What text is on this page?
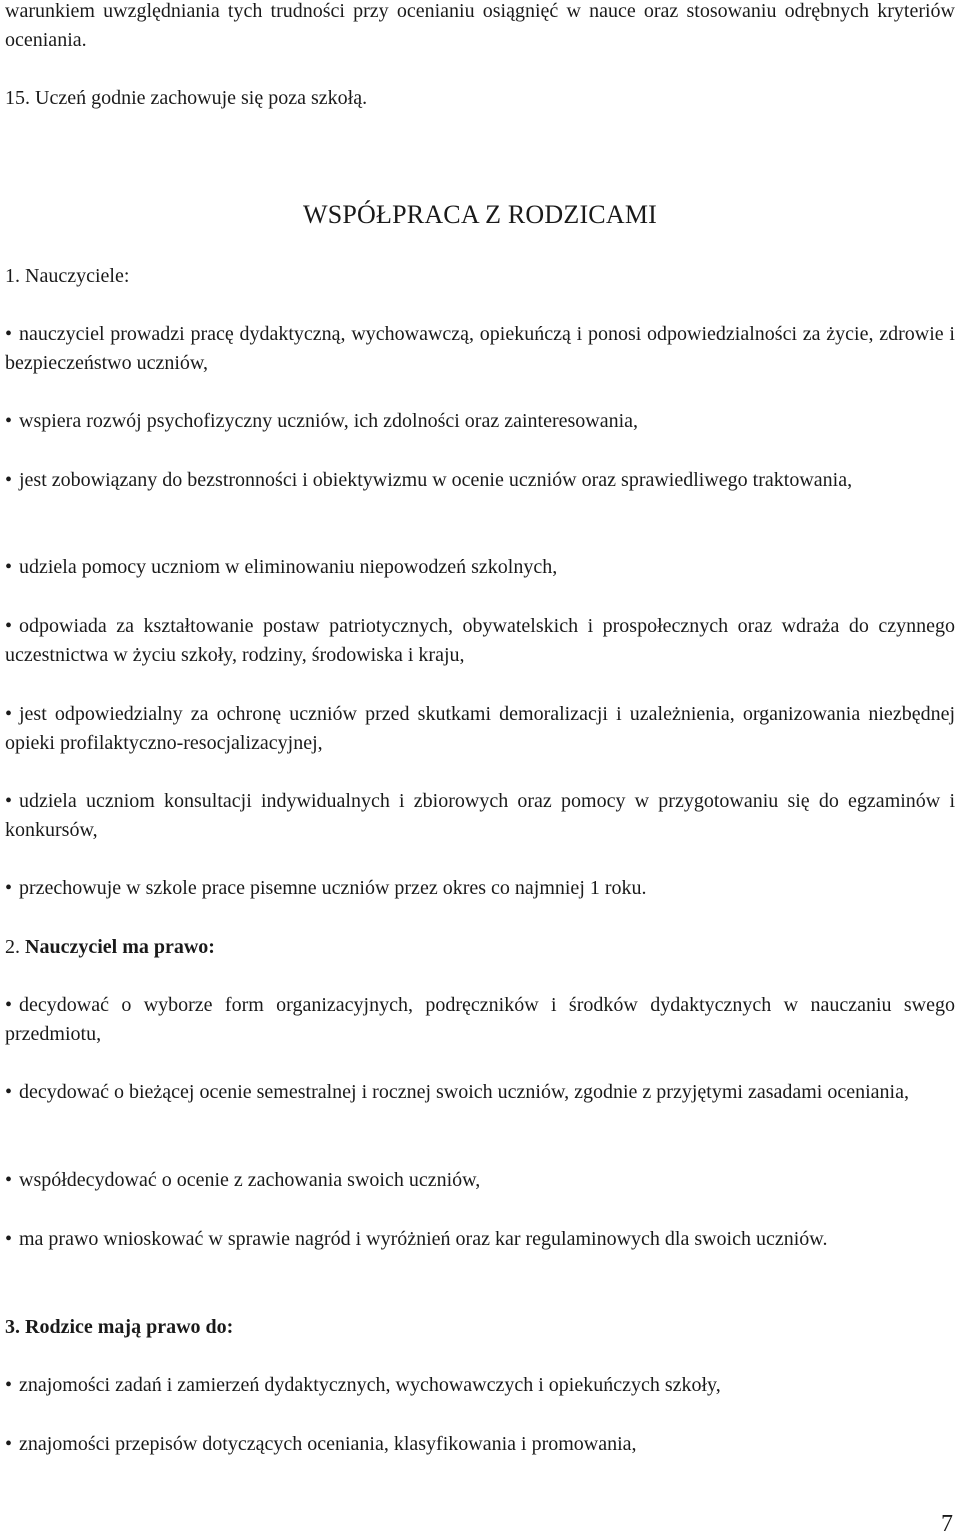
warunkiem uwzględniania tych trudności przy ocenianiu osiągnięć w nauce oraz stosowaniu odrębnych kryteriów oceniania.

15. Uczeń godnie zachowuje się poza szkołą.

WSPÓŁPRACA Z RODZICAMI

1. Nauczyciele:

• nauczyciel prowadzi pracę dydaktyczną, wychowawczą, opiekuńczą i ponosi odpowiedzialności za życie, zdrowie i bezpieczeństwo uczniów,

• wspiera rozwój psychofizyczny uczniów, ich zdolności oraz zainteresowania,

• jest zobowiązany do bezstronności i obiektywizmu w ocenie uczniów oraz sprawiedliwego traktowania,

• udziela pomocy uczniom w eliminowaniu niepowodzeń szkolnych,

• odpowiada za kształtowanie postaw patriotycznych, obywatelskich i prospołecznych oraz wdraża do czynnego uczestnictwa w życiu szkoły, rodziny, środowiska i kraju,

• jest odpowiedzialny za ochronę uczniów przed skutkami demoralizacji i uzależnienia, organizowania niezbędnej opieki profilaktyczno-resocjalizacyjnej,

• udziela uczniom konsultacji indywidualnych i zbiorowych oraz pomocy w przygotowaniu się do egzaminów i konkursów,

• przechowuje w szkole prace pisemne uczniów przez okres co najmniej 1 roku.

2. Nauczyciel ma prawo:

• decydować o wyborze form organizacyjnych, podręczników i środków dydaktycznych w nauczaniu swego przedmiotu,

• decydować o bieżącej ocenie semestralnej i rocznej swoich uczniów, zgodnie z przyjętymi zasadami oceniania,

• współdecydować o ocenie z zachowania swoich uczniów,

• ma prawo wnioskować w sprawie nagród i wyróżnień oraz kar regulaminowych dla swoich uczniów.

3. Rodzice mają prawo do:

• znajomości zadań i zamierzeń dydaktycznych, wychowawczych i opiekuńczych szkoły,

• znajomości przepisów dotyczących oceniania, klasyfikowania i promowania,

7
